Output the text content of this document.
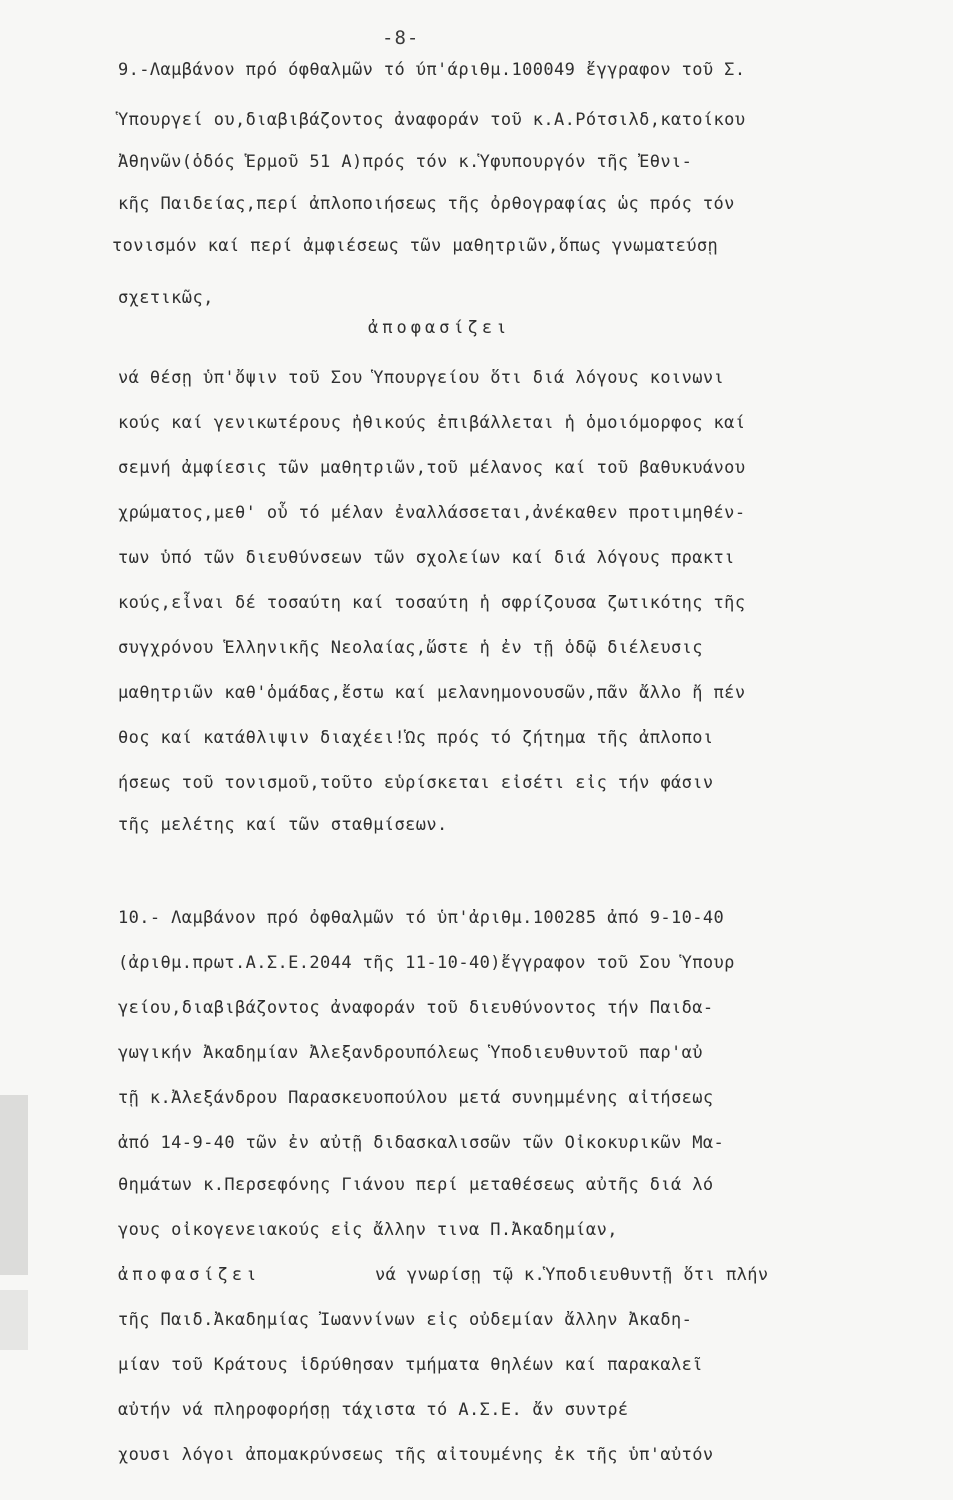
-8-
9.-Λαμβάνον πρό όφθαλμῶν τό ύπ'άριθμ.100049 ἔγγραφον τοῦ Σ.
Ὑπουργεί ου,διαβιβάζοντος ἀναφοράν τοῦ κ.Α.Ρότσιλδ,κατοίκου
Ἀθηνῶν(ὁδός Ἑρμοῦ 51 Α)πρός τόν κ.Ὑφυπουργόν τῆς Ἐθνι-
κῆς Παιδείας,περί ἀπλοποιήσεως τῆς ὀρθογραφίας ὡς πρός τόν
τονισμόν καί περί ἀμφιέσεως τῶν μαθητριῶν,ὅπως γνωματεύσῃ
σχετικῶς,
ἀποφασίζει
νά θέσῃ ὑπ'ὄψιν τοῦ Σου Ὑπουργείου ὅτι διά λόγους κοινωνι
κούς καί γενικωτέρους ἠθικούς ἐπιβάλλεται ἡ ὁμοιόμορφος καί
σεμνή ἀμφίεσις τῶν μαθητριῶν,τοῦ μέλανος καί τοῦ βαθυκυάνου
χρώματος,μεθ' οὗ τό μέλαν ἐναλλάσσεται,ἀνέκαθεν προτιμηθέν-
των ὑπό τῶν διευθύνσεων τῶν σχολείων καί διά λόγους πρακτι
κούς,εἶναι δέ τοσαύτη καί τοσαύτη ἡ σφρίζουσα ζωτικότης τῆς
συγχρόνου Ἑλληνικῆς Νεολαίας,ὥστε ἡ ἐν τῇ ὁδῷ διέλευσις
μαθητριῶν καθ'ὁμάδας,ἔστω καί μελανημονουσῶν,πᾶν ἄλλο ἤ πέν
θος καί κατάθλιψιν διαχέει!Ὡς πρός τό ζήτημα τῆς ἀπλοποι
ήσεως τοῦ τονισμοῦ,τοῦτο εὑρίσκεται εἰσέτι εἰς τήν φάσιν
τῆς μελέτης καί τῶν σταθμίσεων.
10.- Λαμβάνον πρό ὀφθαλμῶν τό ὑπ'ἀριθμ.100285 ἀπό 9-10-40
(ἀριθμ.πρωτ.Α.Σ.Ε.2044 τῆς 11-10-40)ἔγγραφον τοῦ Σου Ὑπουρ
γείου,διαβιβάζοντος ἀναφοράν τοῦ διευθύνοντος τήν Παιδα-
γωγικήν Ἀκαδημίαν Ἀλεξανδρουπόλεως Ὑποδιευθυντοῦ παρ'αὐ
τῇ κ.Ἀλεξάνδρου Παρασκευοπούλου μετά συνημμένης αἰτήσεως
ἀπό 14-9-40 τῶν ἐν αὐτῇ διδασκαλισσῶν τῶν Οἰκοκυρικῶν Μα-
θημάτων κ.Περσεφόνης Γιάνου περί μεταθέσεως αὐτῆς διά λό
γους οἰκογενειακούς εἰς ἄλλην τινα Π.Ἀκαδημίαν,
ἀποφασίζει	νά γνωρίσῃ τῷ κ.Ὑποδιευθυντῇ ὅτι πλήν
τῆς Παιδ.Ἀκαδημίας Ἰωαννίνων εἰς οὐδεμίαν ἄλλην Ἀκαδη-
μίαν τοῦ Κράτους ἱδρύθησαν τμήματα θηλέων καί παρακαλεῖ
αὐτήν νά πληροφορήσῃ τάχιστα τό Α.Σ.Ε. ἄν συντρέ
χουσι λόγοι ἀπομακρύνσεως τῆς αἰτουμένης ἐκ τῆς ὑπ'αὐτόν
